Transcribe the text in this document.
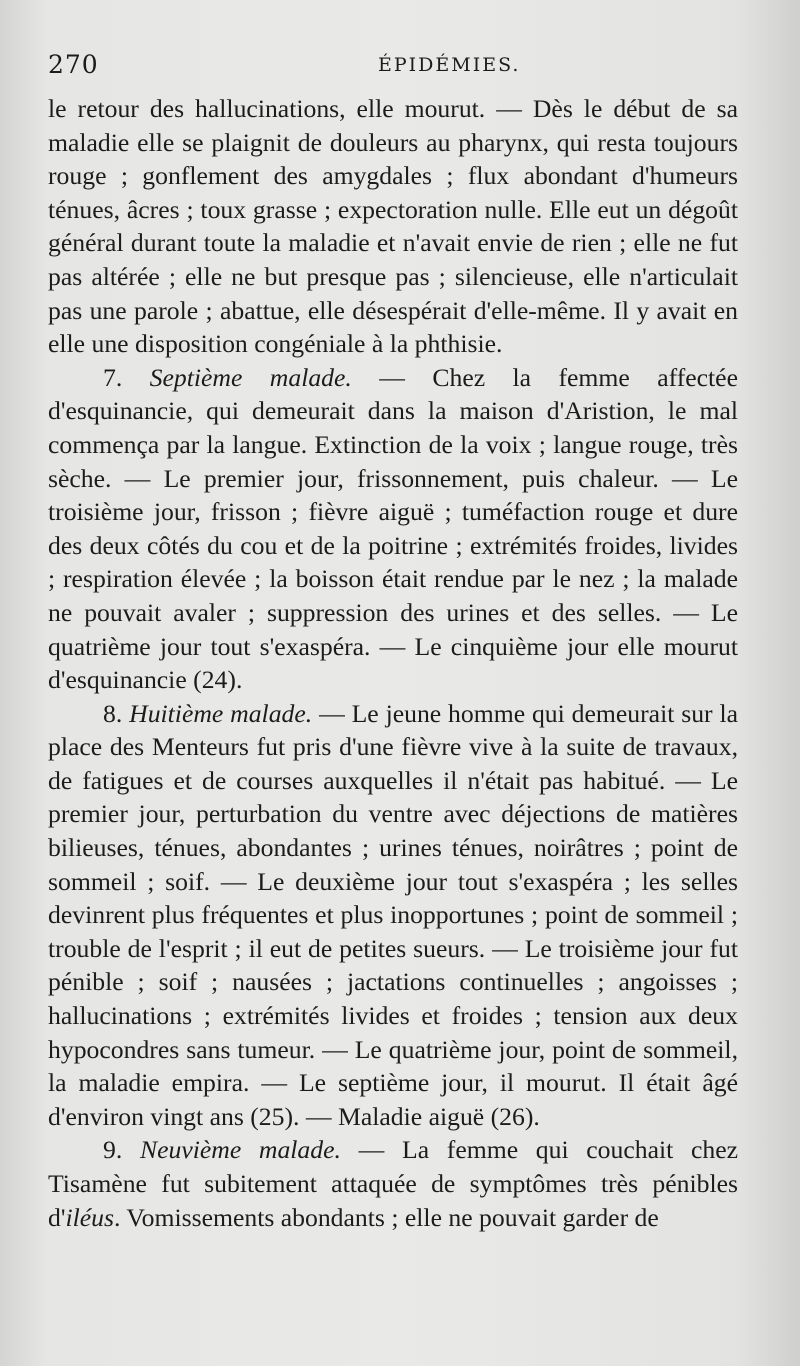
270	ÉPIDÉMIES.

le retour des hallucinations, elle mourut. — Dès le début de sa maladie elle se plaignit de douleurs au pharynx, qui resta toujours rouge ; gonflement des amygdales ; flux abondant d'humeurs ténues, âcres ; toux grasse ; expectoration nulle. Elle eut un dégoût général durant toute la maladie et n'avait envie de rien ; elle ne fut pas altérée ; elle ne but presque pas ; silencieuse, elle n'articulait pas une parole ; abattue, elle désespérait d'elle-même. Il y avait en elle une disposition congéniale à la phthisie.

7. Septième malade. — Chez la femme affectée d'esquinancie, qui demeurait dans la maison d'Aristion, le mal commença par la langue. Extinction de la voix ; langue rouge, très sèche. — Le premier jour, frissonnement, puis chaleur. — Le troisième jour, frisson ; fièvre aiguë ; tuméfaction rouge et dure des deux côtés du cou et de la poitrine ; extrémités froides, livides ; respiration élevée ; la boisson était rendue par le nez ; la malade ne pouvait avaler ; suppression des urines et des selles. — Le quatrième jour tout s'exaspéra. — Le cinquième jour elle mourut d'esquinancie (24).

8. Huitième malade. — Le jeune homme qui demeurait sur la place des Menteurs fut pris d'une fièvre vive à la suite de travaux, de fatigues et de courses auxquelles il n'était pas habitué. — Le premier jour, perturbation du ventre avec déjections de matières bilieuses, ténues, abondantes ; urines ténues, noirâtres ; point de sommeil ; soif. — Le deuxième jour tout s'exaspéra ; les selles devinrent plus fréquentes et plus inopportunes ; point de sommeil ; trouble de l'esprit ; il eut de petites sueurs. — Le troisième jour fut pénible ; soif ; nausées ; jactations continuelles ; angoisses ; hallucinations ; extrémités livides et froides ; tension aux deux hypocondres sans tumeur. — Le quatrième jour, point de sommeil, la maladie empira. — Le septième jour, il mourut. Il était âgé d'environ vingt ans (25). — Maladie aiguë (26).

9. Neuvième malade. — La femme qui couchait chez Tisamène fut subitement attaquée de symptômes très pénibles d'iléus. Vomissements abondants ; elle ne pouvait garder de
